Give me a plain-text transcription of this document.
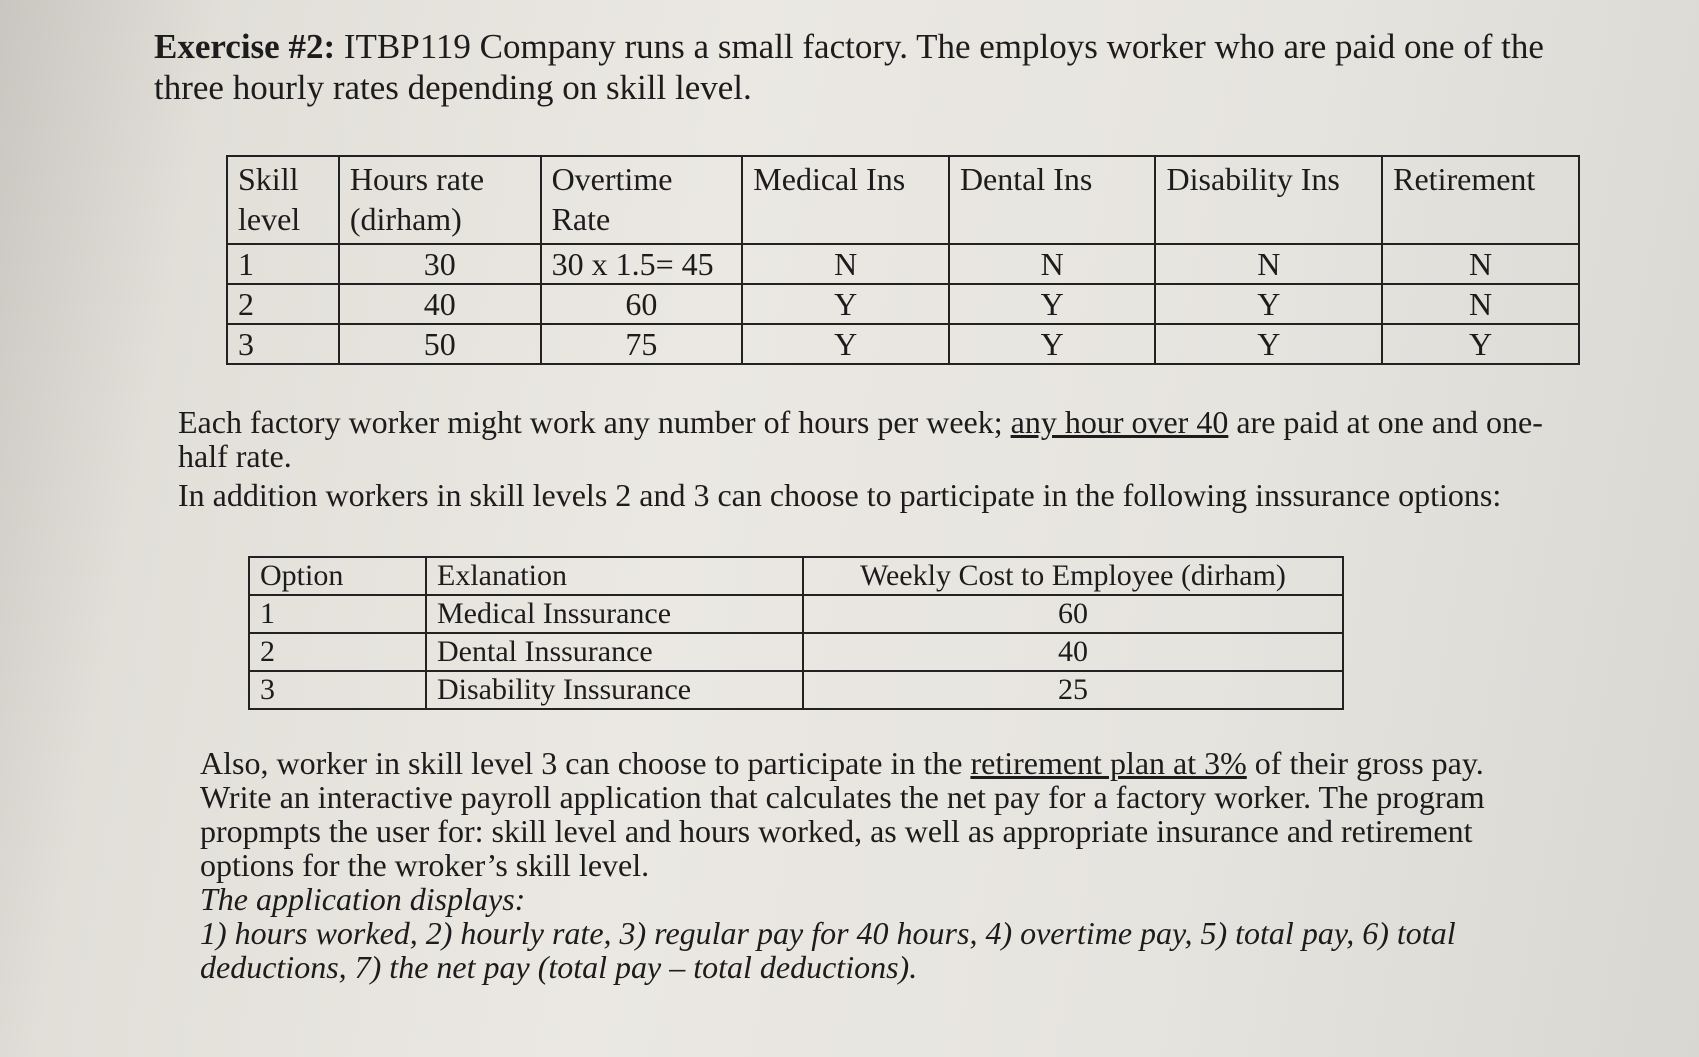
Exercise #2: ITBP119 Company runs a small factory. The employs worker who are paid one of the three hourly rates depending on skill level.
Skill level	Hours rate (dirham)	Overtime Rate	Medical Ins	Dental Ins	Disability Ins	Retirement
1	30	30 x 1.5= 45	N	N	N	N
2	40	60	Y	Y	Y	N
3	50	75	Y	Y	Y	Y
Each factory worker might work any number of hours per week; any hour over 40 are paid at one and one-half rate.
In addition workers in skill levels 2 and 3 can choose to participate in the following inssurance options:
Option	Exlanation	Weekly Cost to Employee (dirham)
1	Medical Inssurance	60
2	Dental Inssurance	40
3	Disability Inssurance	25
Also, worker in skill level 3 can choose to participate in the retirement plan at 3% of their gross pay. Write an interactive payroll application that calculates the net pay for a factory worker. The program propmpts the user for: skill level and hours worked, as well as appropriate insurance and retirement options for the wroker’s skill level.
The application displays:
1) hours worked, 2) hourly rate, 3) regular pay for 40 hours, 4) overtime pay, 5) total pay, 6) total deductions, 7) the net pay (total pay – total deductions).
